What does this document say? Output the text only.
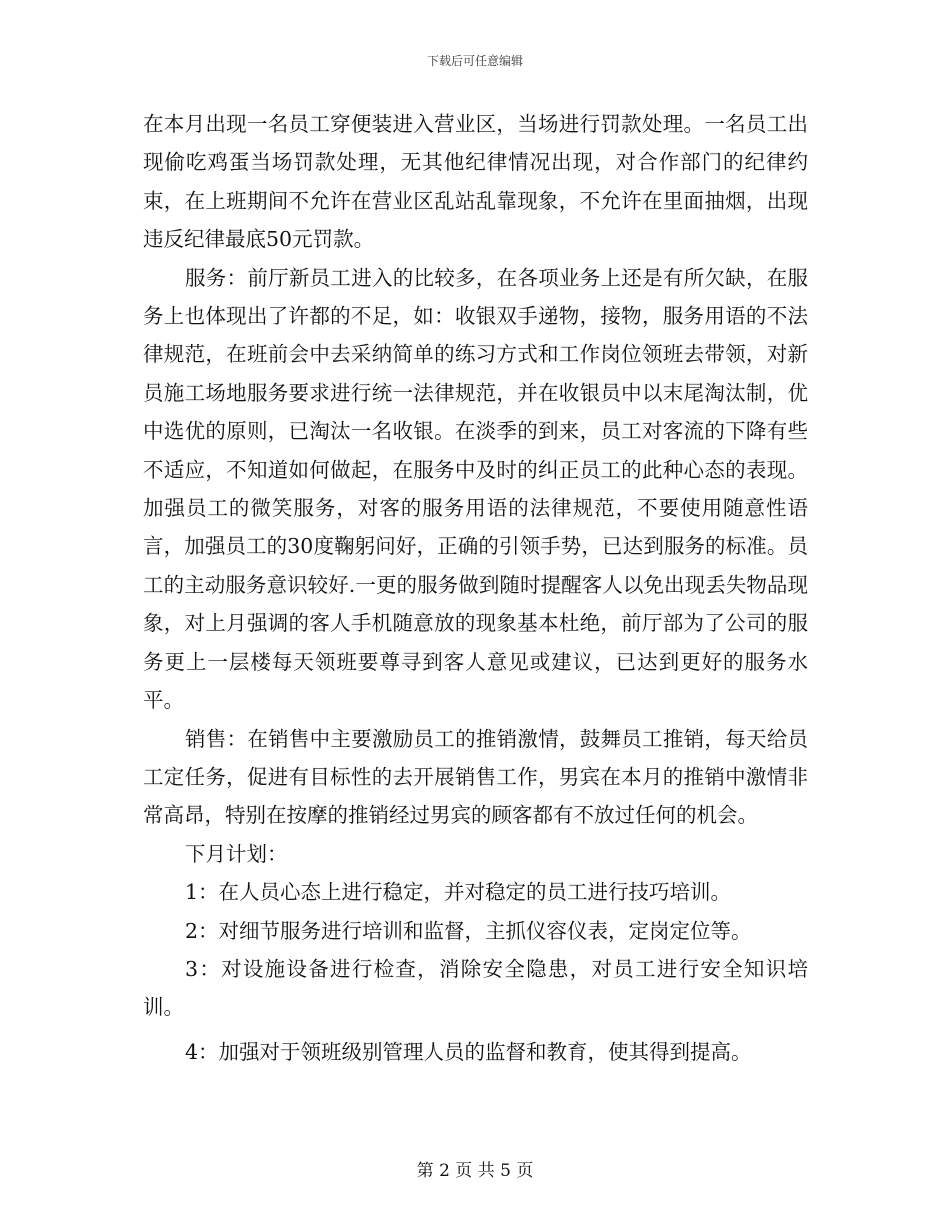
下载后可任意编辑

在本月出现一名员工穿便装进入营业区，当场进行罚款处理。一名员工出现偷吃鸡蛋当场罚款处理，无其他纪律情况出现，对合作部门的纪律约束，在上班期间不允许在营业区乱站乱靠现象，不允许在里面抽烟，出现违反纪律最底50元罚款。

服务：前厅新员工进入的比较多，在各项业务上还是有所欠缺，在服务上也体现出了许都的不足，如：收银双手递物，接物，服务用语的不法律规范，在班前会中去采纳简单的练习方式和工作岗位领班去带领，对新员施工场地服务要求进行统一法律规范，并在收银员中以末尾淘汰制，优中选优的原则，已淘汰一名收银。在淡季的到来，员工对客流的下降有些不适应，不知道如何做起，在服务中及时的纠正员工的此种心态的表现。加强员工的微笑服务，对客的服务用语的法律规范，不要使用随意性语言，加强员工的30度鞠躬问好，正确的引领手势，已达到服务的标准。员工的主动服务意识较好.一更的服务做到随时提醒客人以免出现丢失物品现象，对上月强调的客人手机随意放的现象基本杜绝，前厅部为了公司的服务更上一层楼每天领班要尊寻到客人意见或建议，已达到更好的服务水平。

销售：在销售中主要激励员工的推销激情，鼓舞员工推销，每天给员工定任务，促进有目标性的去开展销售工作，男宾在本月的推销中激情非常高昂，特别在按摩的推销经过男宾的顾客都有不放过任何的机会。

下月计划：

1：在人员心态上进行稳定，并对稳定的员工进行技巧培训。

2：对细节服务进行培训和监督，主抓仪容仪表，定岗定位等。

3：对设施设备进行检查，消除安全隐患，对员工进行安全知识培训。

4：加强对于领班级别管理人员的监督和教育，使其得到提高。

第 2 页 共 5 页
